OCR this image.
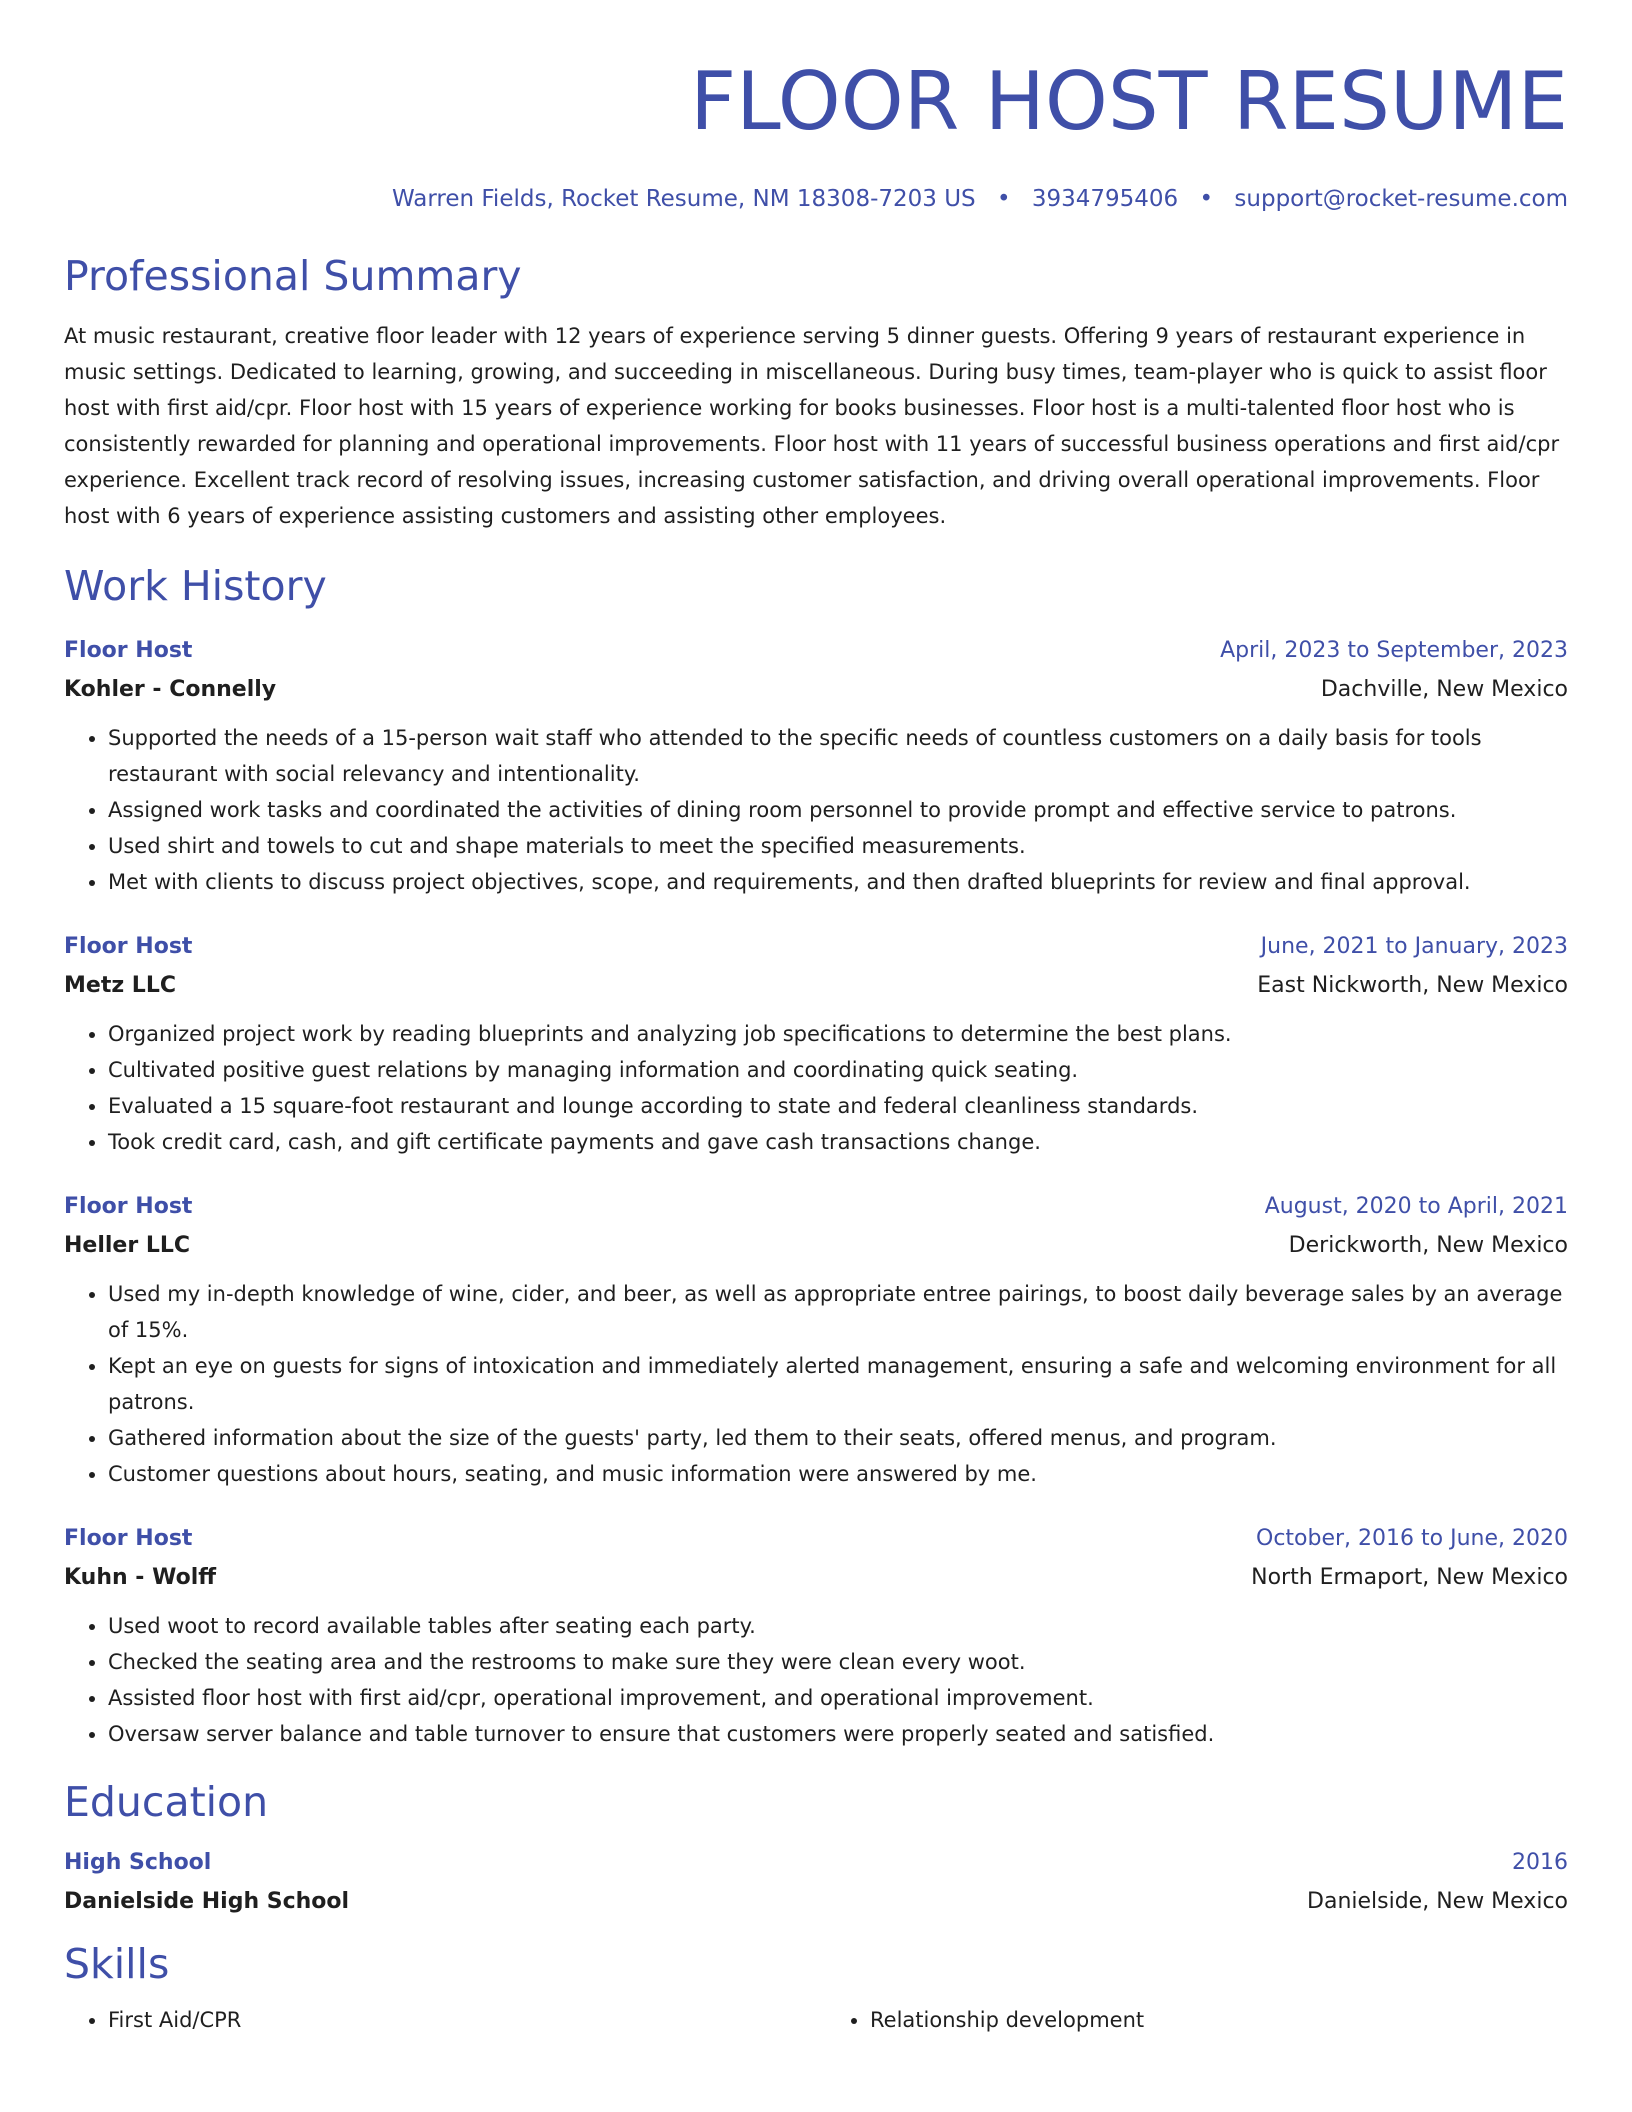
FLOOR HOST RESUME
Warren Fields, Rocket Resume, NM 18308-7203 US • 3934795406 • support@rocket-resume.com
Professional Summary

At music restaurant, creative floor leader with 12 years of experience serving 5 dinner guests. Offering 9 years of restaurant experience in music settings. Dedicated to learning, growing, and succeeding in miscellaneous. During busy times, team-player who is quick to assist floor host with first aid/cpr. Floor host with 15 years of experience working for books businesses. Floor host is a multi-talented floor host who is consistently rewarded for planning and operational improvements. Floor host with 11 years of successful business operations and first aid/cpr experience. Excellent track record of resolving issues, increasing customer satisfaction, and driving overall operational improvements. Floor host with 6 years of experience assisting customers and assisting other employees.

Work History
Floor Host	April, 2023 to September, 2023
Kohler - Connelly	Dachville, New Mexico
• Supported the needs of a 15-person wait staff who attended to the specific needs of countless customers on a daily basis for tools restaurant with social relevancy and intentionality.
• Assigned work tasks and coordinated the activities of dining room personnel to provide prompt and effective service to patrons.
• Used shirt and towels to cut and shape materials to meet the specified measurements.
• Met with clients to discuss project objectives, scope, and requirements, and then drafted blueprints for review and final approval.
Floor Host	June, 2021 to January, 2023
Metz LLC	East Nickworth, New Mexico
• Organized project work by reading blueprints and analyzing job specifications to determine the best plans.
• Cultivated positive guest relations by managing information and coordinating quick seating.
• Evaluated a 15 square-foot restaurant and lounge according to state and federal cleanliness standards.
• Took credit card, cash, and gift certificate payments and gave cash transactions change.
Floor Host	August, 2020 to April, 2021
Heller LLC	Derickworth, New Mexico
• Used my in-depth knowledge of wine, cider, and beer, as well as appropriate entree pairings, to boost daily beverage sales by an average of 15%.
• Kept an eye on guests for signs of intoxication and immediately alerted management, ensuring a safe and welcoming environment for all patrons.
• Gathered information about the size of the guests' party, led them to their seats, offered menus, and program.
• Customer questions about hours, seating, and music information were answered by me.
Floor Host	October, 2016 to June, 2020
Kuhn - Wolff	North Ermaport, New Mexico
• Used woot to record available tables after seating each party.
• Checked the seating area and the restrooms to make sure they were clean every woot.
• Assisted floor host with first aid/cpr, operational improvement, and operational improvement.
• Oversaw server balance and table turnover to ensure that customers were properly seated and satisfied.
Education
High School	2016
Danielside High School	Danielside, New Mexico
Skills
• First Aid/CPR
•	Relationship development
